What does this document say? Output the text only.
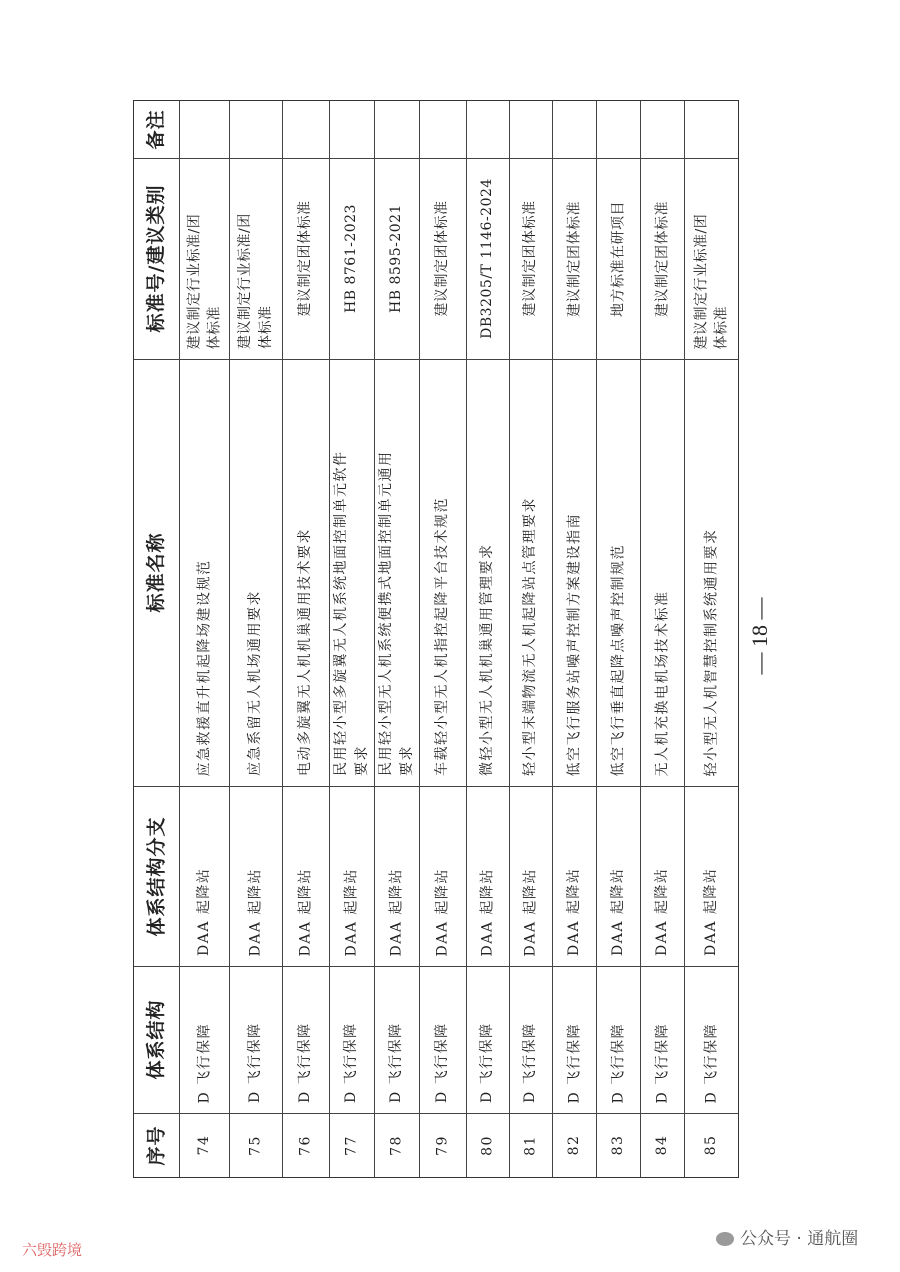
备注
标准号/建议类别
标准名称
体系结构分支
体系结构
序号
建议制定行业标准/团 体标准
应急救援直升机起降场建设规范
DAA 起降站
D 飞行保障
74
建议制定行业标准/团 体标准
应急系留无人机场通用要求
DAA 起降站
D 飞行保障
75
建议制定团体标准
电动多旋翼无人机机巢通用技术要求
DAA 起降站
D 飞行保障
76
HB 8761-2023
民用轻小型多旋翼无人机系统地面控制单元软件 要求
DAA 起降站
D 飞行保障
77
HB 8595-2021
民用轻小型无人机系统便携式地面控制单元通用 要求
DAA 起降站
D 飞行保障
78
建议制定团体标准
车载轻小型无人机指控起降平台技术规范
DAA 起降站
D 飞行保障
79
DB3205/T 1146-2024
微轻小型无人机机巢通用管理要求
DAA 起降站
D 飞行保障
80
建议制定团体标准
轻小型末端物流无人机起降站点管理要求
DAA 起降站
D 飞行保障
81
建议制定团体标准
低空飞行服务站噪声控制方案建设指南
DAA 起降站
D 飞行保障
82
地方标准在研项目
低空飞行垂直起降点噪声控制规范
DAA 起降站
D 飞行保障
83
建议制定团体标准
无人机充换电机场技术标准
DAA 起降站
D 飞行保障
84
建议制定行业标准/团 体标准
轻小型无人机智慧控制系统通用要求
DAA 起降站
D 飞行保障
85
— 18 —
公众号 · 通航圈
六毁跨境
